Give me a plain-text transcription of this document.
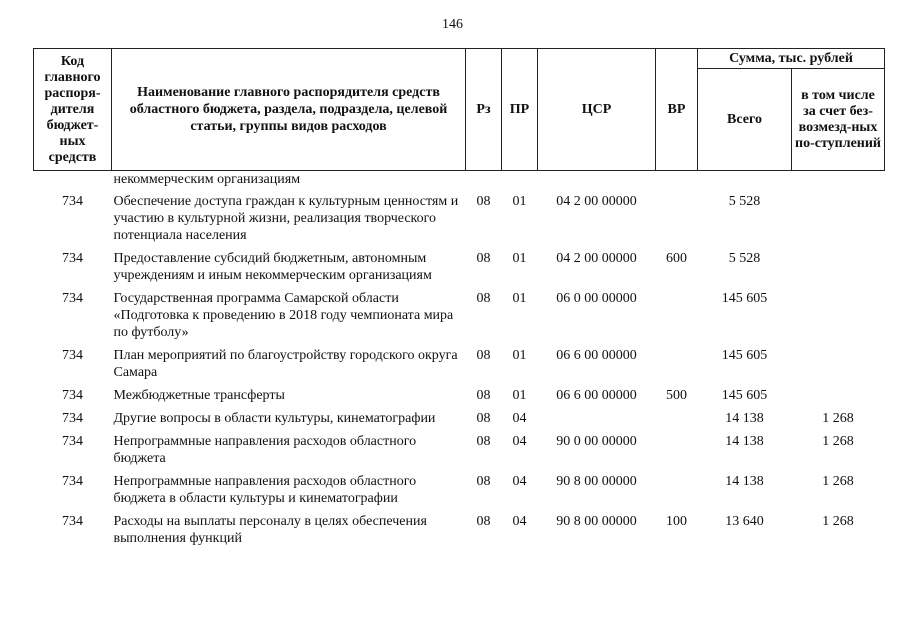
146
Код главного распоря-дителя бюджет-ных средств	Наименование главного распорядителя средств областного бюджета, раздела, подраздела, целевой статьи, группы видов расходов	Рз	ПР	ЦСР	ВР	Сумма, тыс. рублей	
						Всего	в том числе за счет без-возмезд-ных по-ступлений
	некоммерческим организациям						
734	Обеспечение доступа граждан к культурным ценностям и участию в культурной жизни, реализация творческого потенциала населения	08	01	04 2 00 00000		5 528	
734	Предоставление субсидий бюджетным, автономным учреждениям и иным некоммерческим организациям	08	01	04 2 00 00000	600	5 528	
734	Государственная программа Самарской области «Подготовка к проведению в 2018 году чемпионата мира по футболу»	08	01	06 0 00 00000		145 605	
734	План мероприятий по благоустройству городского округа Самара	08	01	06 6 00 00000		145 605	
734	Межбюджетные трансферты	08	01	06 6 00 00000	500	145 605	
734	Другие вопросы в области культуры, кинематографии	08	04			14 138	1 268
734	Непрограммные направления расходов областного бюджета	08	04	90 0 00 00000		14 138	1 268
734	Непрограммные направления расходов областного бюджета в области культуры и кинематографии	08	04	90 8 00 00000		14 138	1 268
734	Расходы на выплаты персоналу в целях обеспечения выполнения функций	08	04	90 8 00 00000	100	13 640	1 268
